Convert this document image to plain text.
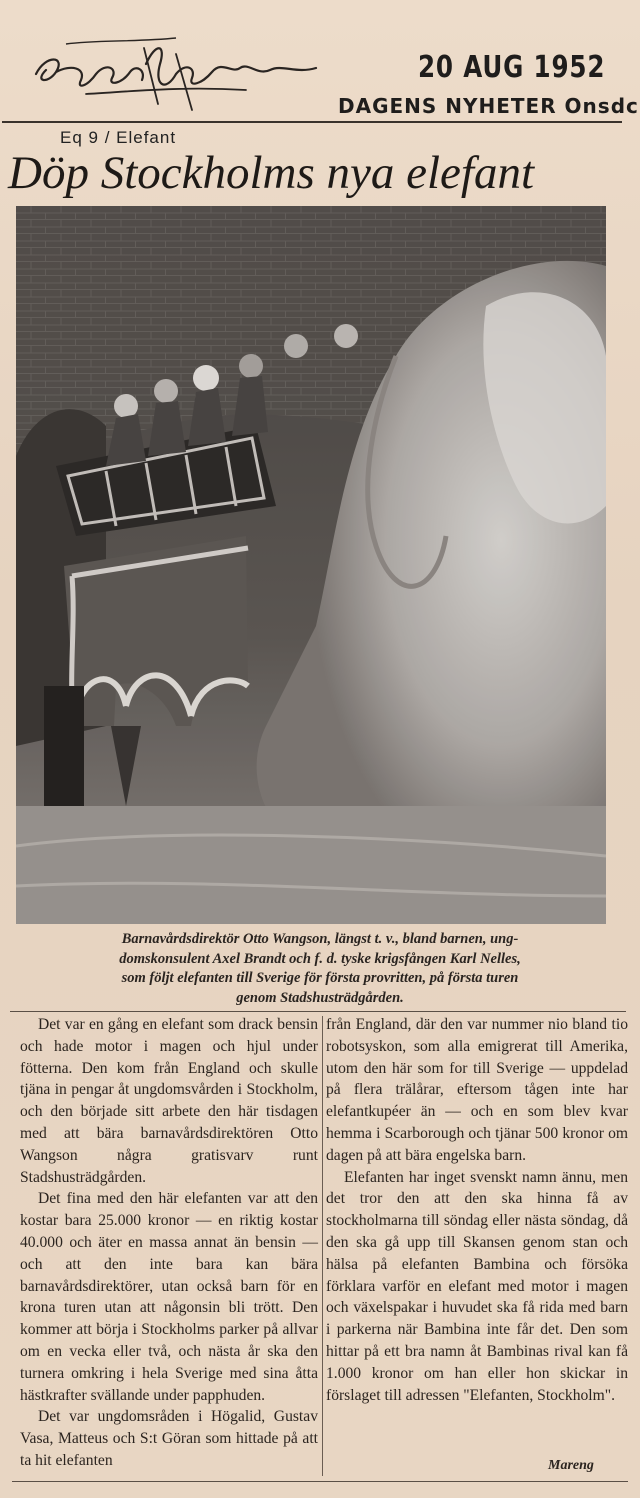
20 AUG 1952
DAGENS NYHETER Onsdc
Eq 9 / Elefant
Döp Stockholms nya elefant
Barnavårdsdirektör Otto Wangson, längst t. v., bland barnen, ung-
domskonsulent Axel Brandt och f. d. tyske krigsfången Karl Nelles,
som följt elefanten till Sverige för första provritten, på första turen
genom Stadshusträdgården.

Det var en gång en elefant som drack bensin och hade motor i magen och hjul under fötterna. Den kom från England och skulle tjäna in pengar åt ungdomsvården i Stockholm, och den började sitt arbete den här tisdagen med att bära barnavårdsdirektören Otto Wangson några gratisvarv runt Stadshusträdgården.

Det fina med den här elefanten var att den kostar bara 25.000 kronor — en riktig kostar 40.000 och äter en massa annat än bensin — och att den inte bara kan bära barnavårdsdirektörer, utan också barn för en krona turen utan att någonsin bli trött. Den kommer att börja i Stockholms parker på allvar om en vecka eller två, och nästa år ska den turnera omkring i hela Sverige med sina åtta hästkrafter svällande under papphuden.

Det var ungdomsråden i Högalid, Gustav Vasa, Matteus och S:t Göran som hittade på att ta hit elefanten

från England, där den var nummer nio bland tio robotsyskon, som alla emigrerat till Amerika, utom den här som for till Sverige — uppdelad på flera trälårar, eftersom tågen inte har elefantkupéer än — och en som blev kvar hemma i Scarborough och tjänar 500 kronor om dagen på att bära engelska barn.

Elefanten har inget svenskt namn ännu, men det tror den att den ska hinna få av stockholmarna till söndag eller nästa söndag, då den ska gå upp till Skansen genom stan och hälsa på elefanten Bambina och försöka förklara varför en elefant med motor i magen och växelspakar i huvudet ska få rida med barn i parkerna när Bambina inte får det. Den som hittar på ett bra namn åt Bambinas rival kan få 1.000 kronor om han eller hon skickar in förslaget till adressen "Elefanten, Stockholm".

Mareng
